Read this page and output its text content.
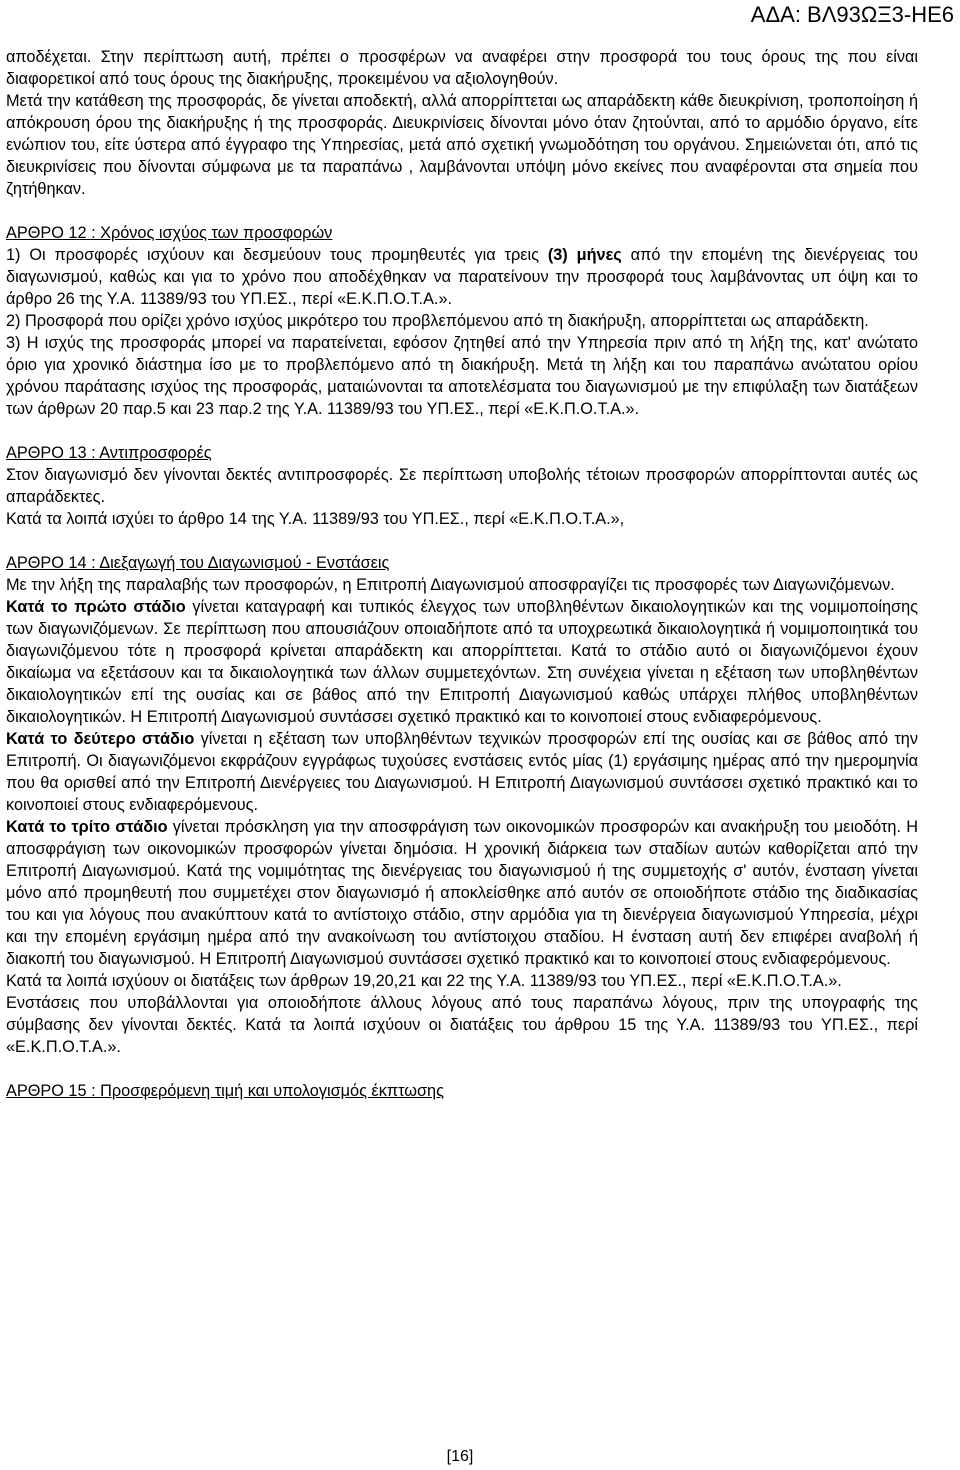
ΑΔΑ: ΒΛ93ΩΞ3-ΗΕ6

αποδέχεται. Στην περίπτωση αυτή, πρέπει ο προσφέρων να αναφέρει στην προσφορά του τους όρους της που είναι διαφορετικοί από τους όρους της διακήρυξης, προκειμένου να αξιολογηθούν.

Μετά την κατάθεση της προσφοράς, δε γίνεται αποδεκτή, αλλά απορρίπτεται ως απαράδεκτη κάθε διευκρίνιση, τροποποίηση ή απόκρουση όρου της διακήρυξης ή της προσφοράς. Διευκρινίσεις δίνονται μόνο όταν ζητούνται, από το αρμόδιο όργανο, είτε ενώπιον του, είτε ύστερα από έγγραφο της Υπηρεσίας, μετά από σχετική γνωμοδότηση του οργάνου. Σημειώνεται ότι, από τις διευκρινίσεις που δίνονται σύμφωνα με τα παραπάνω , λαμβάνονται υπόψη μόνο εκείνες που αναφέρονται στα σημεία που ζητήθηκαν.

ΑΡΘΡΟ 12 : Χρόνος ισχύος των προσφορών

1) Οι προσφορές ισχύουν και δεσμεύουν τους προμηθευτές για τρεις (3) μήνες από την επομένη της διενέργειας του διαγωνισμού, καθώς και για το χρόνο που αποδέχθηκαν να παρατείνουν την προσφορά τους λαμβάνοντας υπ όψη και το άρθρο 26 της Υ.Α. 11389/93 του ΥΠ.ΕΣ., περί «Ε.Κ.Π.Ο.Τ.Α.».

2) Προσφορά που ορίζει χρόνο ισχύος μικρότερο του προβλεπόμενου από τη διακήρυξη, απορρίπτεται ως απαράδεκτη.

3) Η ισχύς της προσφοράς μπορεί να παρατείνεται, εφόσον ζητηθεί από την Υπηρεσία πριν από τη λήξη της, κατ' ανώτατο όριο για χρονικό διάστημα ίσο με το προβλεπόμενο από τη διακήρυξη. Μετά τη λήξη και του παραπάνω ανώτατου ορίου χρόνου παράτασης ισχύος της προσφοράς, ματαιώνονται τα αποτελέσματα του διαγωνισμού με την επιφύλαξη των διατάξεων των άρθρων 20 παρ.5 και 23 παρ.2 της Υ.Α. 11389/93 του ΥΠ.ΕΣ., περί «Ε.Κ.Π.Ο.Τ.Α.».

ΑΡΘΡΟ 13 : Αντιπροσφορές

Στον διαγωνισμό δεν γίνονται δεκτές αντιπροσφορές. Σε περίπτωση υποβολής τέτοιων προσφορών απορρίπτονται αυτές ως απαράδεκτες.

Κατά τα λοιπά ισχύει το άρθρο 14 της Υ.Α. 11389/93 του ΥΠ.ΕΣ., περί «Ε.Κ.Π.Ο.Τ.Α.»,

ΑΡΘΡΟ 14 : Διεξαγωγή του Διαγωνισμού - Ενστάσεις

Με την λήξη της παραλαβής των προσφορών, η Επιτροπή Διαγωνισμού αποσφραγίζει τις προσφορές των Διαγωνιζόμενων.

Κατά το πρώτο στάδιο γίνεται καταγραφή και τυπικός έλεγχος των υποβληθέντων δικαιολογητικών και της νομιμοποίησης των διαγωνιζόμενων. Σε περίπτωση που απουσιάζουν οποιαδήποτε από τα υποχρεωτικά δικαιολογητικά ή νομιμοποιητικά του διαγωνιζόμενου τότε η προσφορά κρίνεται απαράδεκτη και απορρίπτεται. Κατά το στάδιο αυτό οι διαγωνιζόμενοι έχουν δικαίωμα να εξετάσουν και τα δικαιολογητικά των άλλων συμμετεχόντων. Στη συνέχεια γίνεται η εξέταση των υποβληθέντων δικαιολογητικών επί της ουσίας και σε βάθος από την Επιτροπή Διαγωνισμού καθώς υπάρχει πλήθος υποβληθέντων δικαιολογητικών. Η Επιτροπή Διαγωνισμού συντάσσει σχετικό πρακτικό και το κοινοποιεί στους ενδιαφερόμενους.

Κατά το δεύτερο στάδιο γίνεται η εξέταση των υποβληθέντων τεχνικών προσφορών επί της ουσίας και σε βάθος από την Επιτροπή. Οι διαγωνιζόμενοι εκφράζουν εγγράφως τυχούσες ενστάσεις εντός μίας (1) εργάσιμης ημέρας από την ημερομηνία που θα ορισθεί από την Επιτροπή Διενέργειες του Διαγωνισμού. Η Επιτροπή Διαγωνισμού συντάσσει σχετικό πρακτικό και το κοινοποιεί στους ενδιαφερόμενους.

Κατά το τρίτο στάδιο γίνεται πρόσκληση για την αποσφράγιση των οικονομικών προσφορών και ανακήρυξη του μειοδότη. Η αποσφράγιση των οικονομικών προσφορών γίνεται δημόσια. Η χρονική διάρκεια των σταδίων αυτών καθορίζεται από την Επιτροπή Διαγωνισμού. Κατά της νομιμότητας της διενέργειας του διαγωνισμού ή της συμμετοχής σ' αυτόν, ένσταση γίνεται μόνο από προμηθευτή που συμμετέχει στον διαγωνισμό ή αποκλείσθηκε από αυτόν σε οποιοδήποτε στάδιο της διαδικασίας του και για λόγους που ανακύπτουν κατά το αντίστοιχο στάδιο, στην αρμόδια για τη διενέργεια διαγωνισμού Υπηρεσία, μέχρι και την επομένη εργάσιμη ημέρα από την ανακοίνωση του αντίστοιχου σταδίου. Η ένσταση αυτή δεν επιφέρει αναβολή ή διακοπή του διαγωνισμού. Η Επιτροπή Διαγωνισμού συντάσσει σχετικό πρακτικό και το κοινοποιεί στους ενδιαφερόμενους.

Κατά τα λοιπά ισχύουν οι διατάξεις των άρθρων 19,20,21 και 22 της Υ.Α. 11389/93 του ΥΠ.ΕΣ., περί «Ε.Κ.Π.Ο.Τ.Α.».

Ενστάσεις που υποβάλλονται για οποιοδήποτε άλλους λόγους από τους παραπάνω λόγους, πριν της υπογραφής της σύμβασης δεν γίνονται δεκτές. Κατά τα λοιπά ισχύουν οι διατάξεις του άρθρου 15 της Υ.Α. 11389/93 του ΥΠ.ΕΣ., περί «Ε.Κ.Π.Ο.Τ.Α.».

ΑΡΘΡΟ 15 : Προσφερόμενη τιμή και υπολογισμός έκπτωσης

[16]
